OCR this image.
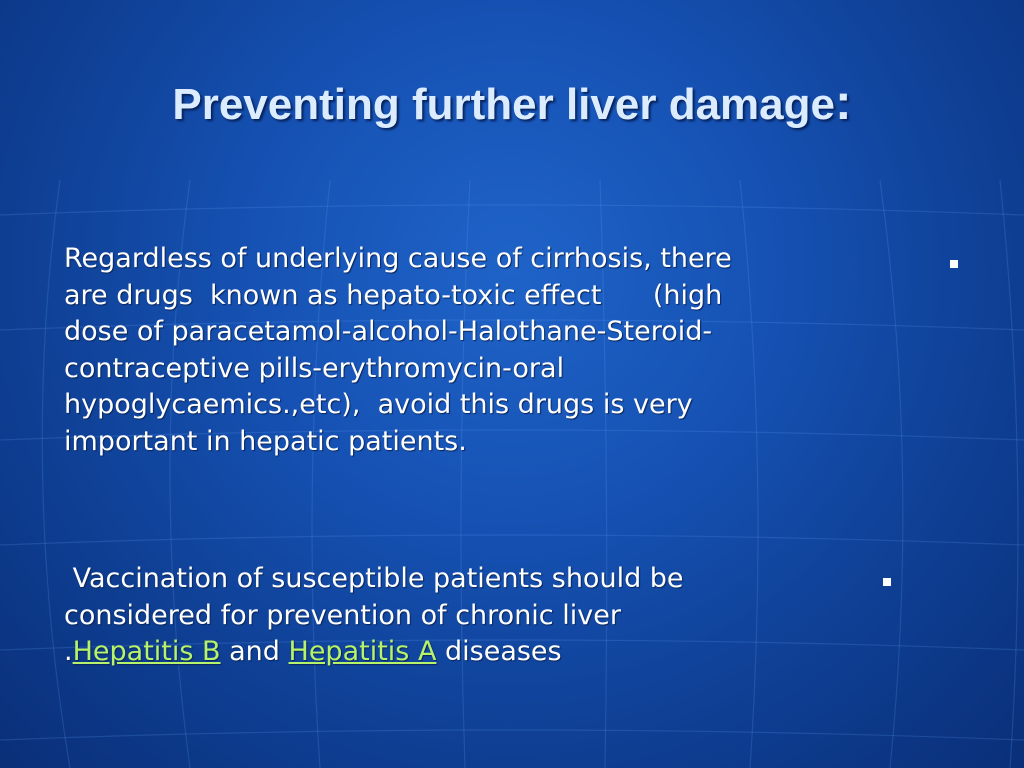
Preventing further liver damage:
Regardless of underlying cause of cirrhosis, there
are drugs  known as hepato-toxic effect      (high
dose of paracetamol-alcohol-Halothane-Steroid-
contraceptive pills-erythromycin-oral
hypoglycaemics.,etc),  avoid this drugs is very
important in hepatic patients.
Vaccination of susceptible patients should be
considered for prevention of chronic liver
.Hepatitis B and Hepatitis A diseases
